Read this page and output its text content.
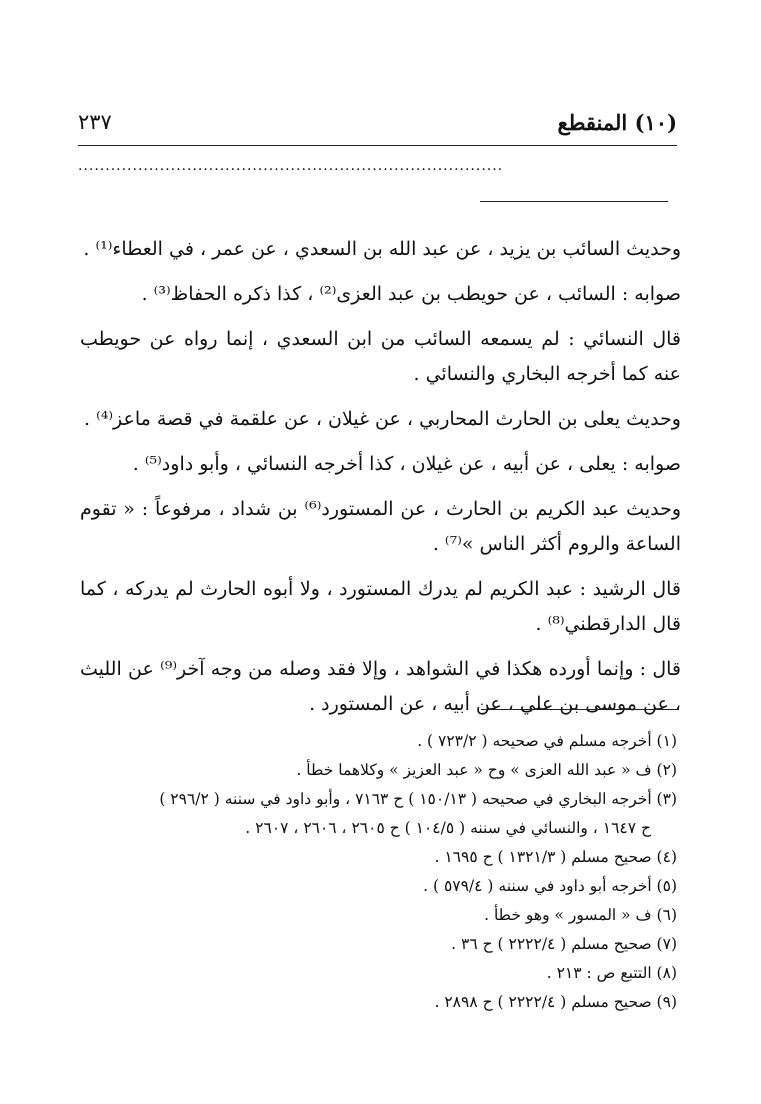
(١٠) المنقطع
٢٣٧
..............................................................................

وحديث السائب بن يزيد ، عن عبد الله بن السعدي ، عن عمر ، في العطاء⁽¹⁾ .

صوابه : السائب ، عن حويطب بن عبد العزى⁽²⁾ ، كذا ذكره الحفاظ⁽³⁾ .

قال النسائي : لم يسمعه السائب من ابن السعدي ، إنما رواه عن حويطب عنه كما أخرجه البخاري والنسائي .

وحديث يعلى بن الحارث المحاربي ، عن غيلان ، عن علقمة في قصة ماعز⁽⁴⁾ .

صوابه : يعلى ، عن أبيه ، عن غيلان ، كذا أخرجه النسائي ، وأبو داود⁽⁵⁾ .

وحديث عبد الكريم بن الحارث ، عن المستورد⁽⁶⁾ بن شداد ، مرفوعاً : « تقوم الساعة والروم أكثر الناس »⁽⁷⁾ .

قال الرشيد : عبد الكريم لم يدرك المستورد ، ولا أبوه الحارث لم يدركه ، كما قال الدارقطني⁽⁸⁾ .

قال : وإنما أورده هكذا في الشواهد ، وإلا فقد وصله من وجه آخر⁽⁹⁾ عن الليث ، عن موسى بن علي ، عن أبيه ، عن المستورد .

(١) أخرجه مسلم في صحيحه ( ٧٢٣/٢ ) .

(٢) ف « عبد الله العزى » وح « عبد العزيز » وكلاهما خطأ .

(٣) أخرجه البخاري في صحيحه ( ١٥٠/١٣ ) ح ٧١٦٣ ، وأبو داود في سننه ( ٢٩٦/٢ )

ح ١٦٤٧ ، والنسائي في سننه ( ١٠٤/٥ ) ح ٢٦٠٥ ، ٢٦٠٦ ، ٢٦٠٧ .

(٤) صحيح مسلم ( ١٣٢١/٣ ) ح ١٦٩٥ .

(٥) أخرجه أبو داود في سننه ( ٥٧٩/٤ ) .

(٦) ف « المسور » وهو خطأ .

(٧) صحيح مسلم ( ٢٢٢٢/٤ ) ح ٣٦ .

(٨) التتبع ص : ٢١٣ .

(٩) صحيح مسلم ( ٢٢٢٢/٤ ) ح ٢٨٩٨ .
